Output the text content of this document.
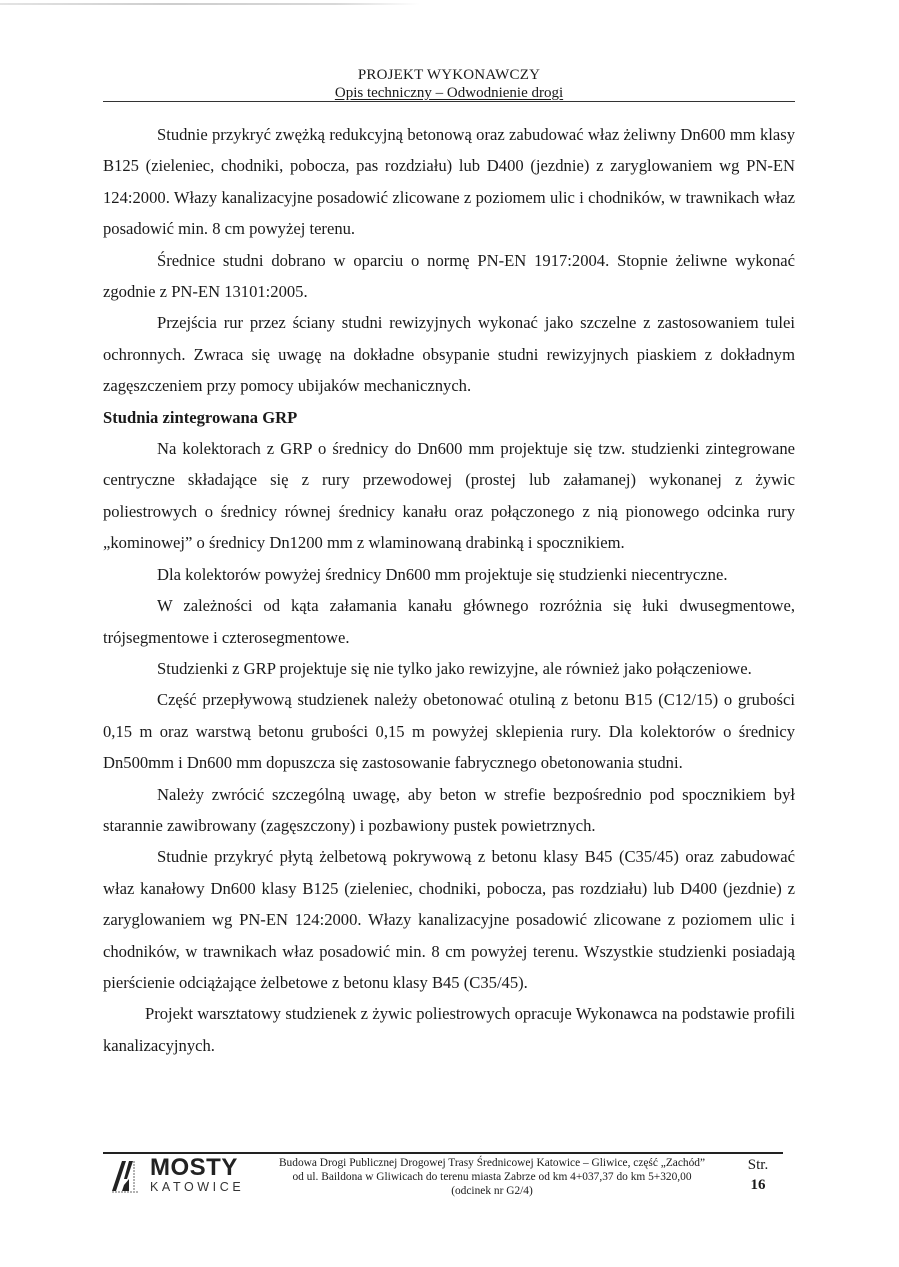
PROJEKT WYKONAWCZY
Opis techniczny – Odwodnienie drogi

Studnie przykryć zwężką redukcyjną betonową oraz zabudować właz żeliwny Dn600 mm klasy B125 (zieleniec, chodniki, pobocza, pas rozdziału) lub D400 (jezdnie) z zaryglowaniem wg PN-EN 124:2000. Włazy kanalizacyjne posadowić zlicowane z poziomem ulic i chodników, w trawnikach właz posadowić min. 8 cm powyżej terenu.

Średnice studni dobrano w oparciu o normę PN-EN 1917:2004. Stopnie żeliwne wykonać zgodnie z PN-EN 13101:2005.

Przejścia rur przez ściany studni rewizyjnych wykonać jako szczelne z zastosowaniem tulei ochronnych. Zwraca się uwagę na dokładne obsypanie studni rewizyjnych piaskiem z dokładnym zagęszczeniem przy pomocy ubijaków mechanicznych.

Studnia zintegrowana GRP

Na kolektorach z GRP o średnicy do Dn600 mm projektuje się tzw. studzienki zintegrowane centryczne składające się z rury przewodowej (prostej lub załamanej) wykonanej z żywic poliestrowych o średnicy równej średnicy kanału oraz połączonego z nią pionowego odcinka rury „kominowej” o średnicy Dn1200 mm z wlaminowaną drabinką i spocznikiem.

Dla kolektorów powyżej średnicy Dn600 mm projektuje się studzienki niecentryczne.

W zależności od kąta załamania kanału głównego rozróżnia się łuki dwusegmentowe, trójsegmentowe i czterosegmentowe.

Studzienki z GRP projektuje się nie tylko jako rewizyjne, ale również jako połączeniowe.

Część przepływową studzienek należy obetonować otuliną z betonu B15 (C12/15) o grubości 0,15 m oraz warstwą betonu grubości 0,15 m powyżej sklepienia rury. Dla kolektorów o średnicy Dn500mm i Dn600 mm dopuszcza się zastosowanie fabrycznego obetonowania studni.

Należy zwrócić szczególną uwagę, aby beton w strefie bezpośrednio pod spocznikiem był starannie zawibrowany (zagęszczony) i pozbawiony pustek powietrznych.

Studnie przykryć płytą żelbetową pokrywową z betonu klasy B45 (C35/45) oraz zabudować właz kanałowy Dn600 klasy B125 (zieleniec, chodniki, pobocza, pas rozdziału) lub D400 (jezdnie) z zaryglowaniem wg PN-EN 124:2000. Włazy kanalizacyjne posadowić zlicowane z poziomem ulic i chodników, w trawnikach właz posadowić min. 8 cm powyżej terenu. Wszystkie studzienki posiadają pierścienie odciążające żelbetowe z betonu klasy B45 (C35/45).

Projekt warsztatowy studzienek z żywic poliestrowych opracuje Wykonawca na podstawie profili kanalizacyjnych.

MOSTY
KATOWICE
Budowa Drogi Publicznej Drogowej Trasy Średnicowej Katowice – Gliwice, część „Zachód”
od ul. Baildona w Gliwicach do terenu miasta Zabrze od km 4+037,37 do km 5+320,00
(odcinek nr G2/4)
Str.
16
